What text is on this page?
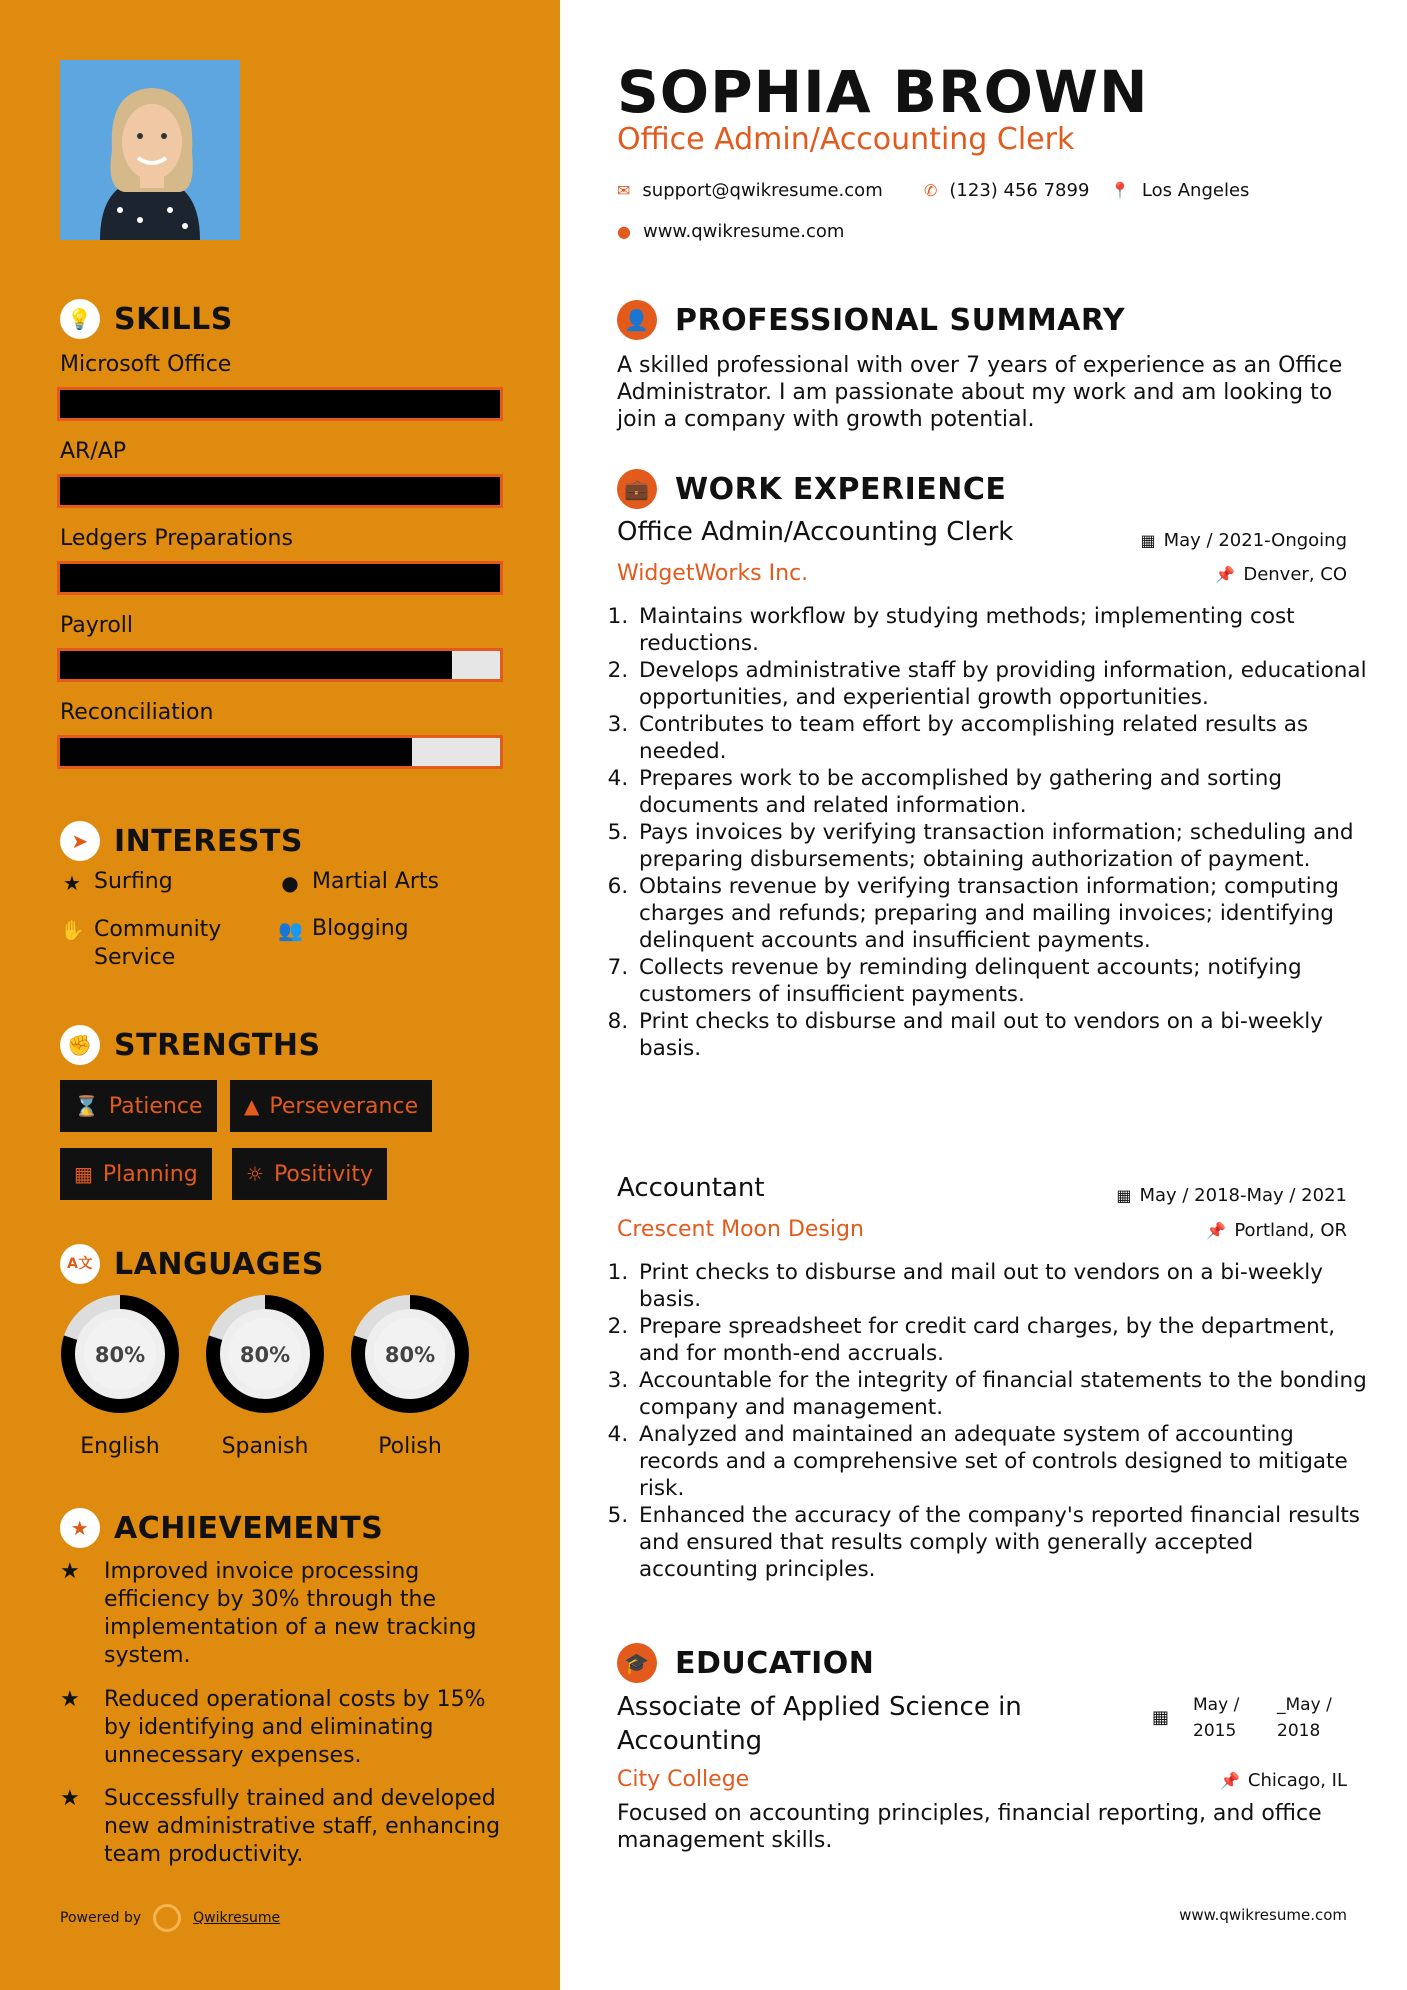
💡 SKILLS
Microsoft Office
AR/AP
Ledgers Preparations
Payroll
Reconciliation
➤ INTERESTS
★ Surfing	● Martial Arts
✋ Community Service
👥 Blogging
✊ STRENGTHS
⌛ Patience ▲ Perseverance
▦ Planning ☼ Positivity
A文 LANGUAGES
80%
English
80%
Spanish
80%
Polish
★ ACHIEVEMENTS
★	Improved invoice processing efficiency by 30% through the implementation of a new tracking system.
★	Reduced operational costs by 15% by identifying and eliminating unnecessary expenses.
★	Successfully trained and developed new administrative staff, enhancing team productivity.
Powered by	Qwikresume
SOPHIA BROWN
Office Admin/Accounting Clerk
✉ support@qwikresume.com	✆ (123) 456 7899 📍 Los Angeles
● www.qwikresume.com
👤 PROFESSIONAL SUMMARY
A skilled professional with over 7 years of experience as an Office Administrator. I am passionate about my work and am looking to join a company with growth potential.
💼 WORK EXPERIENCE
Office Admin/Accounting Clerk	▦ May / 2021-Ongoing
WidgetWorks Inc.	📌 Denver, CO
1. Maintains workflow by studying methods; implementing cost reductions.
2. Develops administrative staff by providing information, educational opportunities, and experiential growth opportunities.
3. Contributes to team effort by accomplishing related results as needed.
4. Prepares work to be accomplished by gathering and sorting documents and related information.
5. Pays invoices by verifying transaction information; scheduling and preparing disbursements; obtaining authorization of payment.
6. Obtains revenue by verifying transaction information; computing charges and refunds; preparing and mailing invoices; identifying delinquent accounts and insufficient payments.
7. Collects revenue by reminding delinquent accounts; notifying customers of insufficient payments.
8. Print checks to disburse and mail out to vendors on a bi-weekly basis.
Accountant	▦ May / 2018-May / 2021
Crescent Moon Design	📌 Portland, OR
1. Print checks to disburse and mail out to vendors on a bi-weekly basis.
2. Prepare spreadsheet for credit card charges, by the department, and for month-end accruals.
3. Accountable for the integrity of financial statements to the bonding company and management.
4. Analyzed and maintained an adequate system of accounting records and a comprehensive set of controls designed to mitigate risk.
5. Enhanced the accuracy of the company's reported financial results and ensured that results comply with generally accepted accounting principles.
🎓 EDUCATION
Associate of Applied Science in Accounting
▦
May / 2015
_May / 2018
City College	📌 Chicago, IL
Focused on accounting principles, financial reporting, and office management skills.
www.qwikresume.com
